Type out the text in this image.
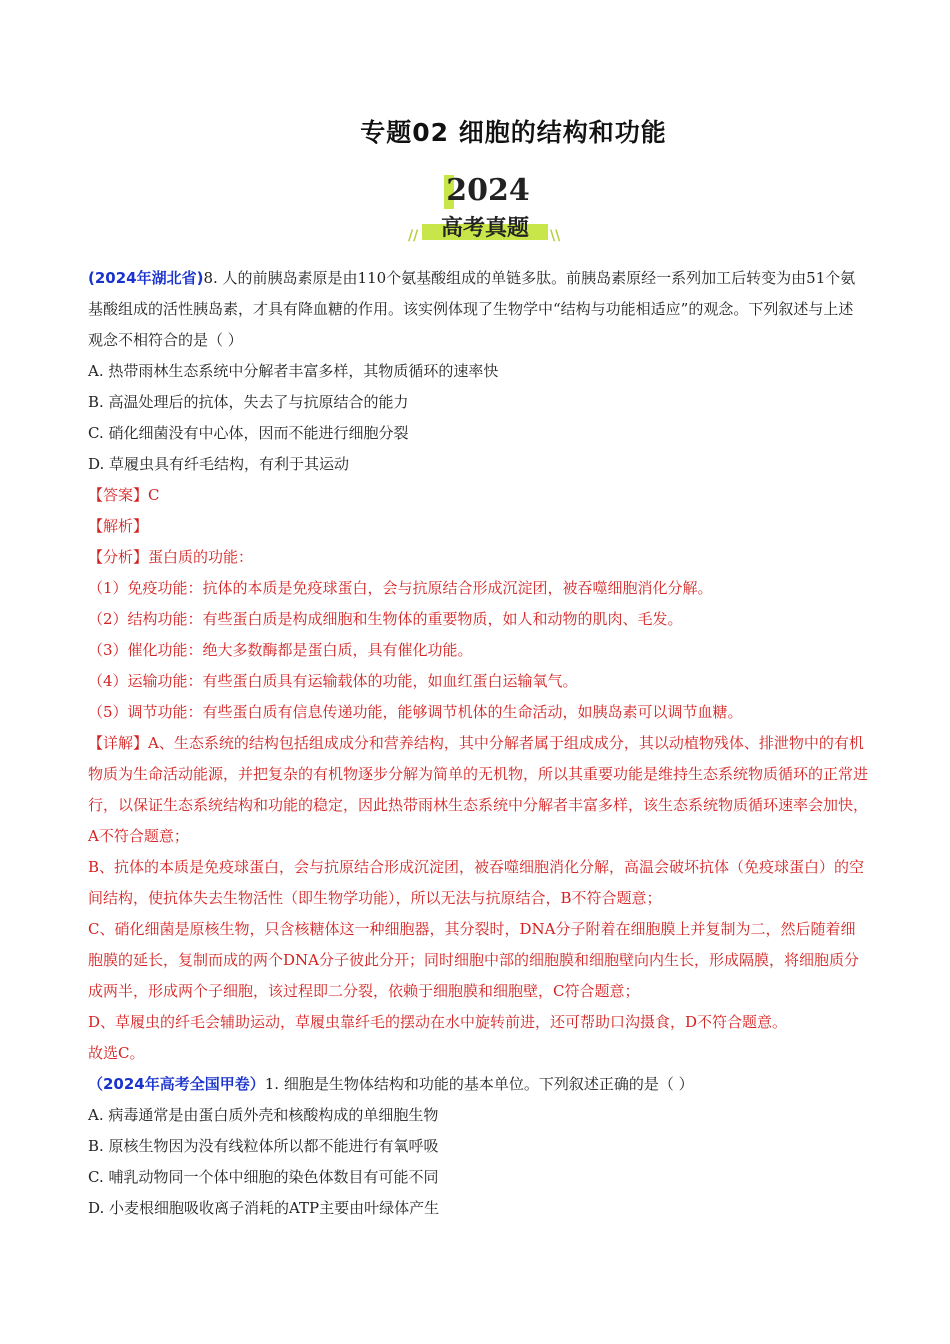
专题02 细胞的结构和功能
2024
高考真题
//	\\

(2024年湖北省)8. 人的前胰岛素原是由110个氨基酸组成的单链多肽。前胰岛素原经一系列加工后转变为由51个氨基酸组成的活性胰岛素，才具有降血糖的作用。该实例体现了生物学中“结构与功能相适应”的观念。下列叙述与上述观念不相符合的是（ ）

A. 热带雨林生态系统中分解者丰富多样，其物质循环的速率快

B. 高温处理后的抗体，失去了与抗原结合的能力

C. 硝化细菌没有中心体，因而不能进行细胞分裂

D. 草履虫具有纤毛结构，有利于其运动

【答案】C

【解析】

【分析】蛋白质的功能：

（1）免疫功能：抗体的本质是免疫球蛋白，会与抗原结合形成沉淀团，被吞噬细胞消化分解。

（2）结构功能：有些蛋白质是构成细胞和生物体的重要物质，如人和动物的肌肉、毛发。

（3）催化功能：绝大多数酶都是蛋白质，具有催化功能。

（4）运输功能：有些蛋白质具有运输载体的功能，如血红蛋白运输氧气。

（5）调节功能：有些蛋白质有信息传递功能，能够调节机体的生命活动，如胰岛素可以调节血糖。

【详解】A、生态系统的结构包括组成成分和营养结构，其中分解者属于组成成分，其以动植物残体、排泄物中的有机物质为生命活动能源，并把复杂的有机物逐步分解为简单的无机物，所以其重要功能是维持生态系统物质循环的正常进行，以保证生态系统结构和功能的稳定，因此热带雨林生态系统中分解者丰富多样，该生态系统物质循环速率会加快，A不符合题意；

B、抗体的本质是免疫球蛋白，会与抗原结合形成沉淀团，被吞噬细胞消化分解，高温会破坏抗体（免疫球蛋白）的空间结构，使抗体失去生物活性（即生物学功能），所以无法与抗原结合，B不符合题意；

C、硝化细菌是原核生物，只含核糖体这一种细胞器，其分裂时，DNA分子附着在细胞膜上并复制为二，然后随着细胞膜的延长，复制而成的两个DNA分子彼此分开；同时细胞中部的细胞膜和细胞壁向内生长，形成隔膜，将细胞质分成两半，形成两个子细胞，该过程即二分裂，依赖于细胞膜和细胞壁，C符合题意；

D、草履虫的纤毛会辅助运动，草履虫靠纤毛的摆动在水中旋转前进，还可帮助口沟摄食，D不符合题意。

故选C。

（2024年高考全国甲卷）1. 细胞是生物体结构和功能的基本单位。下列叙述正确的是（ ）

A. 病毒通常是由蛋白质外壳和核酸构成的单细胞生物

B. 原核生物因为没有线粒体所以都不能进行有氧呼吸

C. 哺乳动物同一个体中细胞的染色体数目有可能不同

D. 小麦根细胞吸收离子消耗的ATP主要由叶绿体产生
